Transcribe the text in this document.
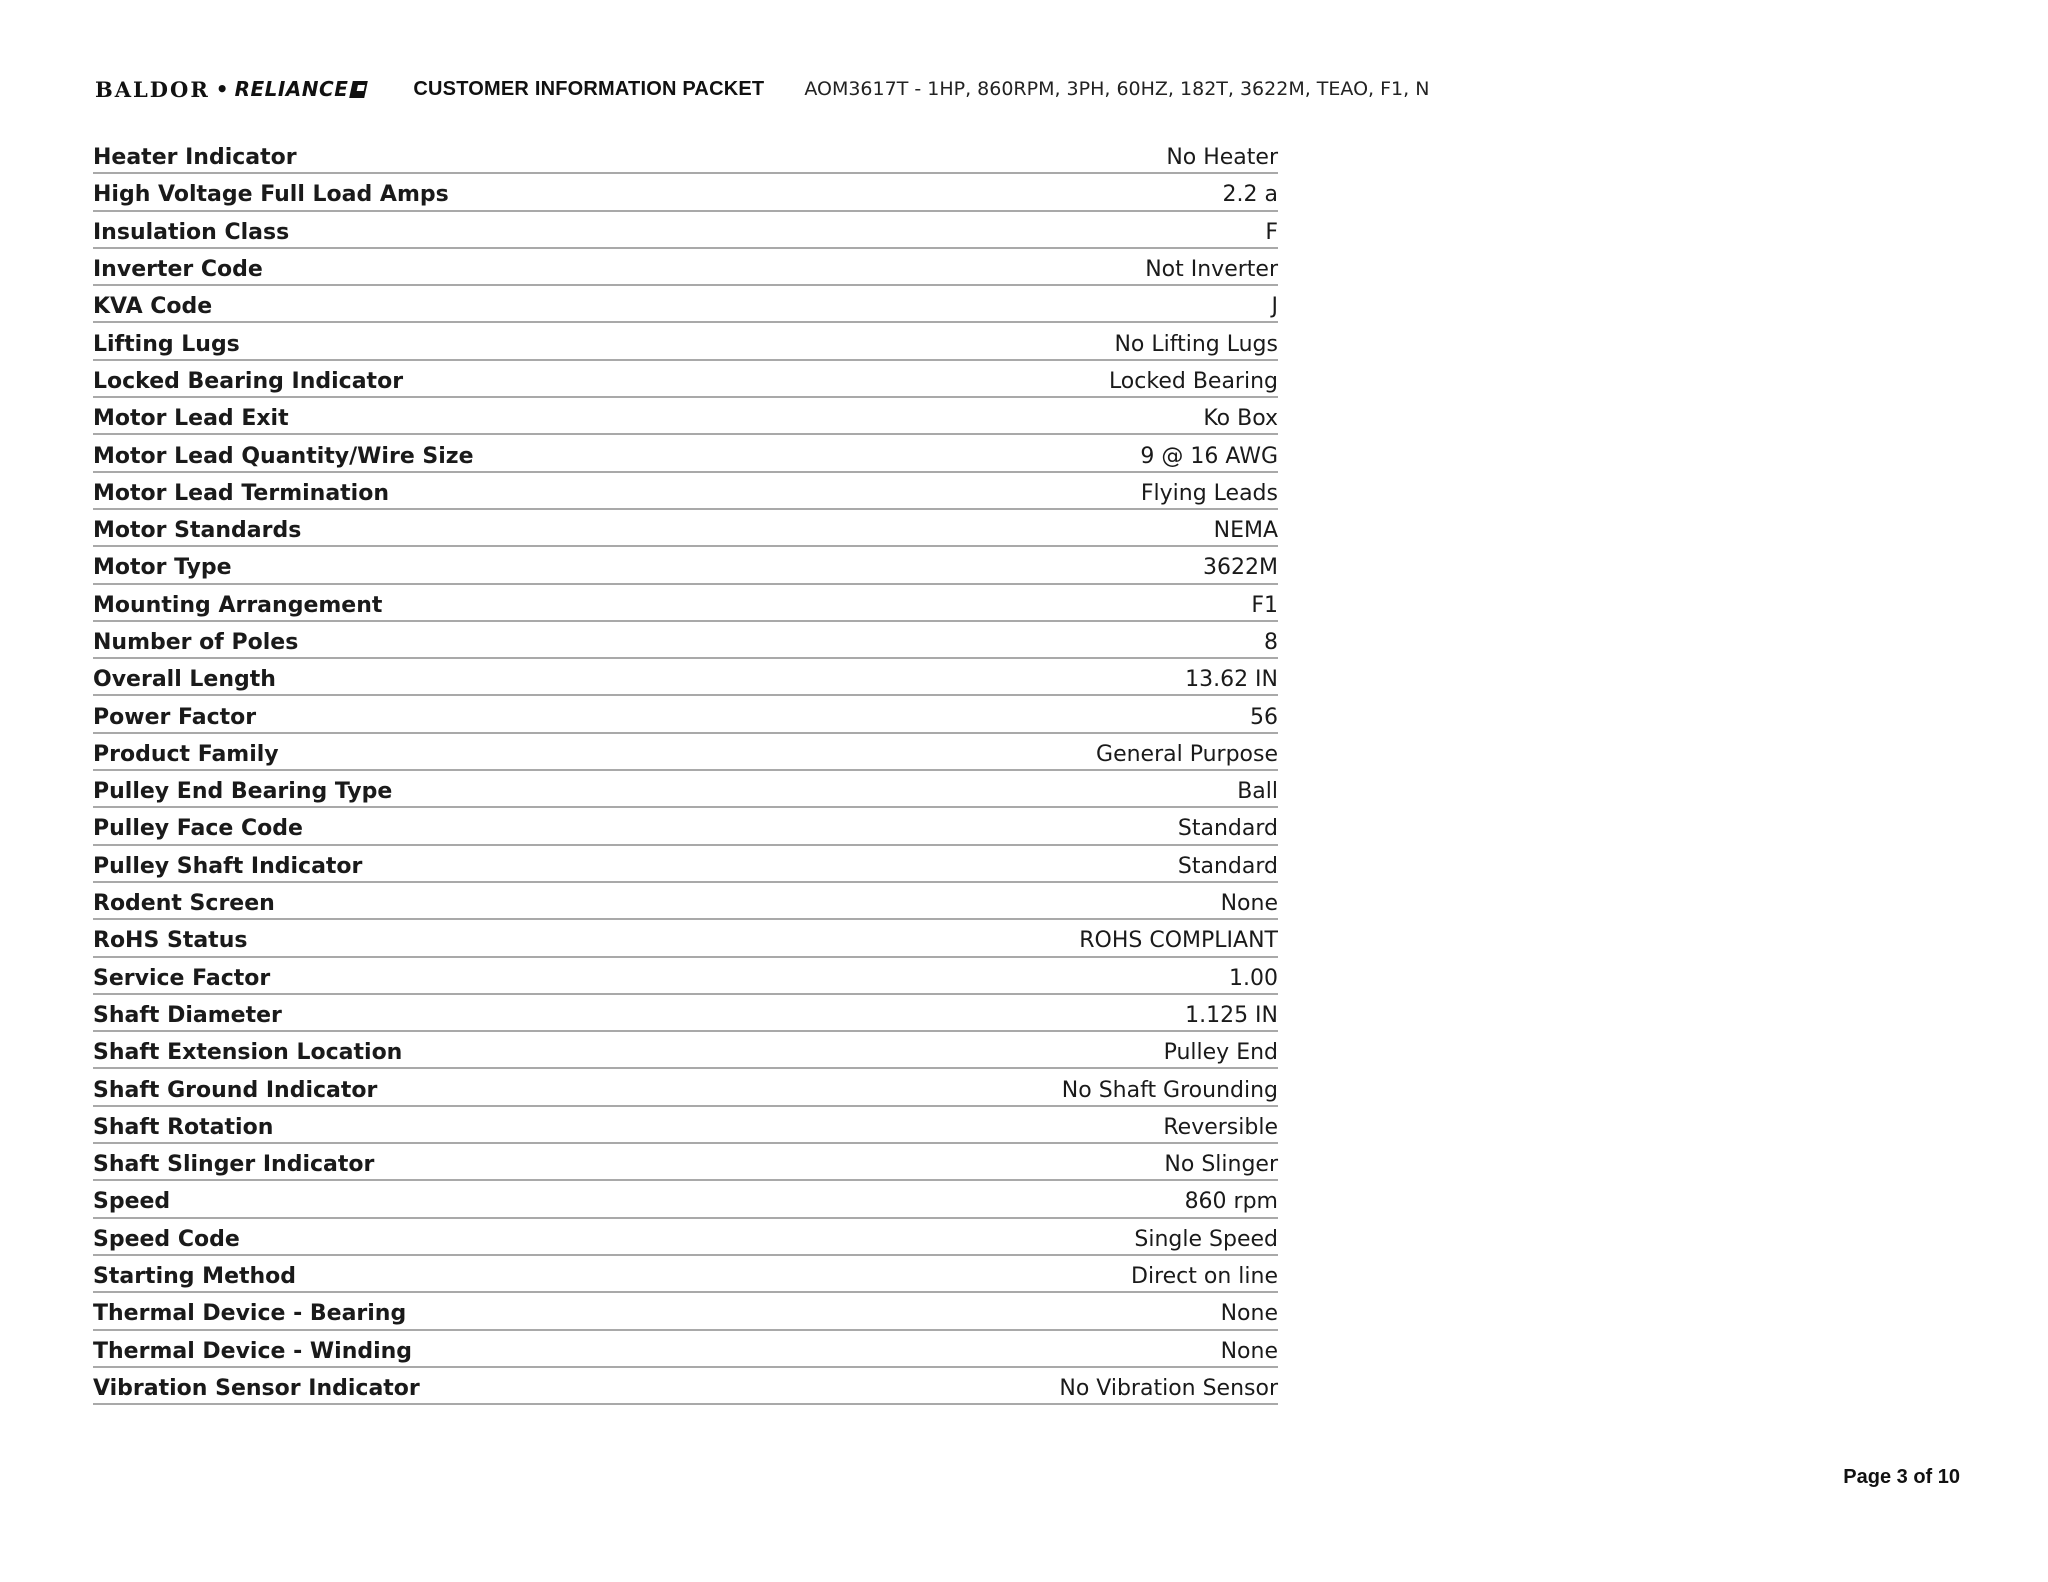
BALDOR • RELIANCE	CUSTOMER INFORMATION PACKET AOM3617T - 1HP, 860RPM, 3PH, 60HZ, 182T, 3622M, TEAO, F1, N
Heater Indicator	No Heater
High Voltage Full Load Amps	2.2 a
Insulation Class	F
Inverter Code	Not Inverter
KVA Code	J
Lifting Lugs	No Lifting Lugs
Locked Bearing Indicator	Locked Bearing
Motor Lead Exit	Ko Box
Motor Lead Quantity/Wire Size	9 @ 16 AWG
Motor Lead Termination	Flying Leads
Motor Standards	NEMA
Motor Type	3622M
Mounting Arrangement	F1
Number of Poles	8
Overall Length	13.62 IN
Power Factor	56
Product Family	General Purpose
Pulley End Bearing Type	Ball
Pulley Face Code	Standard
Pulley Shaft Indicator	Standard
Rodent Screen	None
RoHS Status	ROHS COMPLIANT
Service Factor	1.00
Shaft Diameter	1.125 IN
Shaft Extension Location	Pulley End
Shaft Ground Indicator	No Shaft Grounding
Shaft Rotation	Reversible
Shaft Slinger Indicator	No Slinger
Speed	860 rpm
Speed Code	Single Speed
Starting Method	Direct on line
Thermal Device - Bearing	None
Thermal Device - Winding	None
Vibration Sensor Indicator	No Vibration Sensor
Page 3 of 10
